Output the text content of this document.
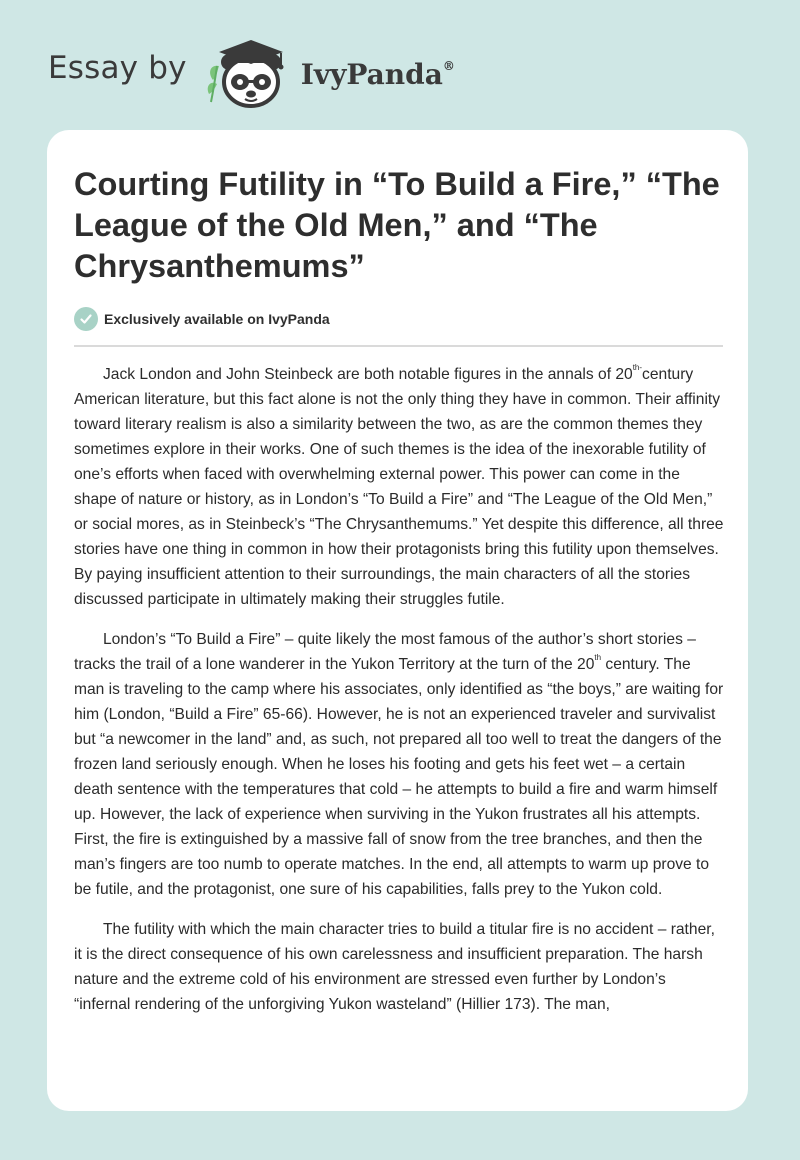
Essay by	IvyPanda®
Courting Futility in “To Build a Fire,” “The League of the Old Men,” and “The Chrysanthemums”
Exclusively available on IvyPanda

Jack London and John Steinbeck are both notable figures in the annals of $20^{th-}century$ American literature, but this fact alone is not the only thing they have in common. Their affinity toward literary realism is also a similarity between the two, as are the common themes they sometimes explore in their works. One of such themes is the idea of the inexorable futility of one’s efforts when faced with overwhelming external power. This power can come in the shape of nature or history, as in London’s “To Build a Fire” and “The League of the Old Men,” or social mores, as in Steinbeck’s “The Chrysanthemums.” Yet despite this difference, all three stories have one thing in common in how their protagonists bring this futility upon themselves. By paying insufficient attention to their surroundings, the main characters of all the stories discussed participate in ultimately making their struggles futile.

London’s “To Build a Fire” – quite likely the most famous of the author’s short stories – tracks the trail of a lone wanderer in the Yukon Territory at the turn of the 20th century. The man is traveling to the camp where his associates, only identified as “the boys,” are waiting for him (London, “Build a Fire” 65-66). However, he is not an experienced traveler and survivalist but “a newcomer in the land” and, as such, not prepared all too well to treat the dangers of the frozen land seriously enough. When he loses his footing and gets his feet wet – a certain death sentence with the temperatures that cold – he attempts to build a fire and warm himself up. However, the lack of experience when surviving in the Yukon frustrates all his attempts. First, the fire is extinguished by a massive fall of snow from the tree branches, and then the man’s fingers are too numb to operate matches. In the end, all attempts to warm up prove to be futile, and the protagonist, one sure of his capabilities, falls prey to the Yukon cold.

The futility with which the main character tries to build a titular fire is no accident – rather, it is the direct consequence of his own carelessness and insufficient preparation. The harsh nature and the extreme cold of his environment are stressed even further by London’s “infernal rendering of the unforgiving Yukon wasteland” (Hillier 173). The man,
